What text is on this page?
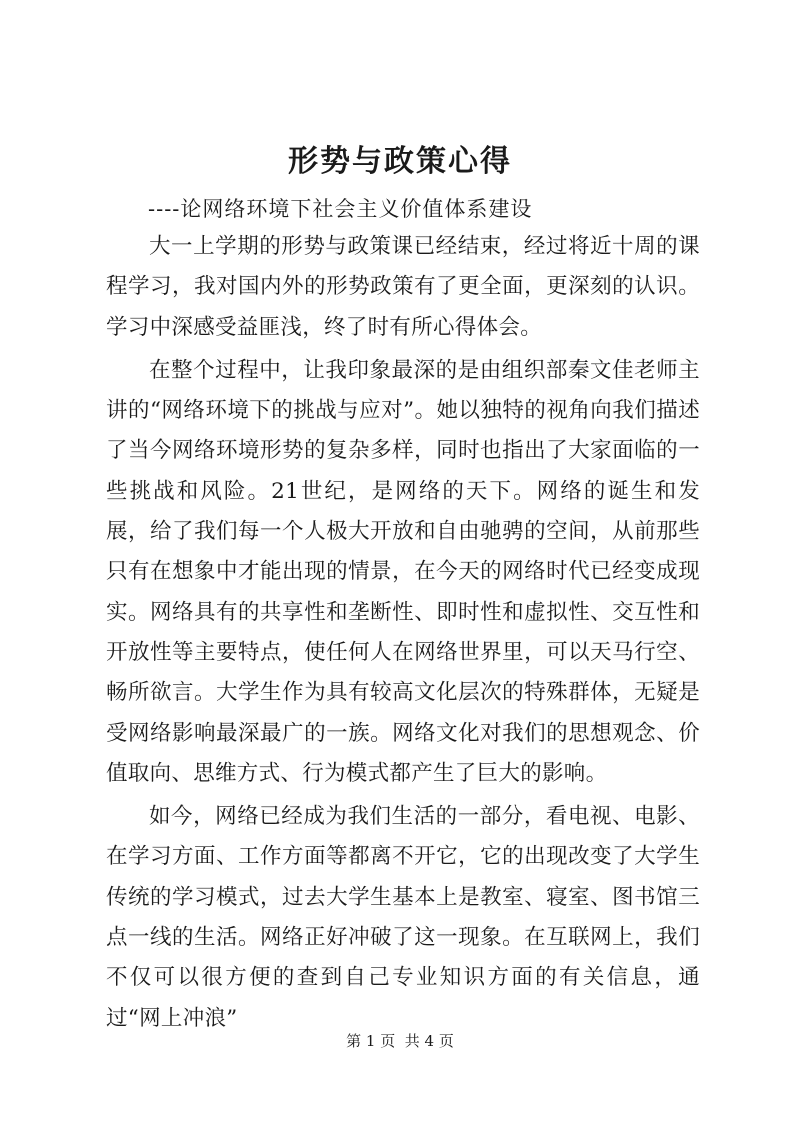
形势与政策心得
----论网络环境下社会主义价值体系建设

大一上学期的形势与政策课已经结束，经过将近十周的课程学习，我对国内外的形势政策有了更全面，更深刻的认识。学习中深感受益匪浅，终了时有所心得体会。

在整个过程中，让我印象最深的是由组织部秦文佳老师主讲的“网络环境下的挑战与应对”。她以独特的视角向我们描述了当今网络环境形势的复杂多样，同时也指出了大家面临的一些挑战和风险。21世纪，是网络的天下。网络的诞生和发展，给了我们每一个人极大开放和自由驰骋的空间，从前那些只有在想象中才能出现的情景，在今天的网络时代已经变成现实。网络具有的共享性和垄断性、即时性和虚拟性、交互性和开放性等主要特点，使任何人在网络世界里，可以天马行空、畅所欲言。大学生作为具有较高文化层次的特殊群体，无疑是受网络影响最深最广的一族。网络文化对我们的思想观念、价值取向、思维方式、行为模式都产生了巨大的影响。

如今，网络已经成为我们生活的一部分，看电视、电影、在学习方面、工作方面等都离不开它，它的出现改变了大学生传统的学习模式，过去大学生基本上是教室、寝室、图书馆三点一线的生活。网络正好冲破了这一现象。在互联网上，我们不仅可以很方便的查到自己专业知识方面的有关信息，通过“网上冲浪”

第 1 页  共 4 页
